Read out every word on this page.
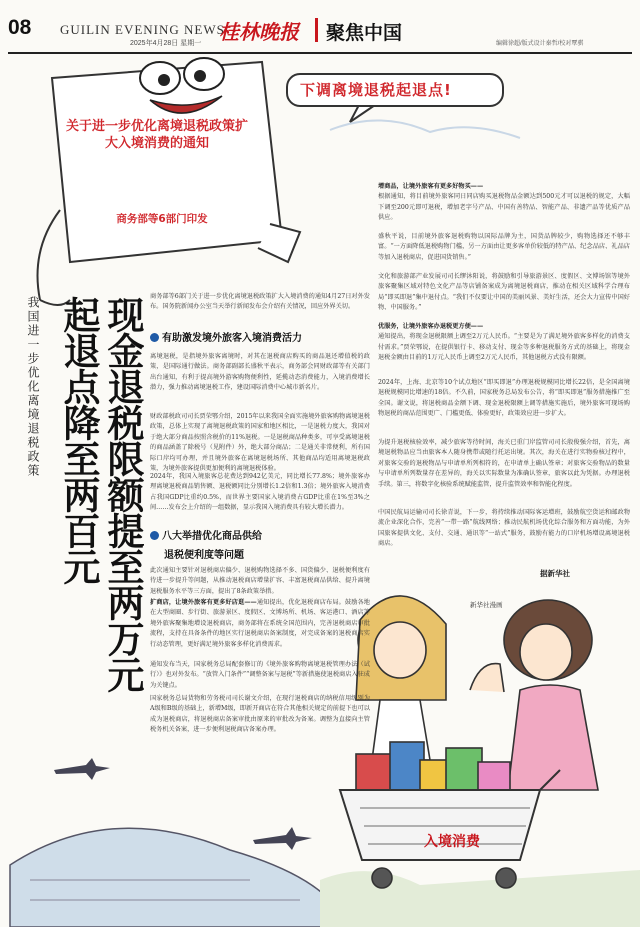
08 GUILIN EVENING NEWS
2025年4月28日 星期一 桂林晚报 聚焦中国	编辑徐超/版式设计秦哲/校对覃骐
关于进一步优化离境退税政策扩大入境消费的通知
商务部等6部门印发
下调离境退税起退点!
新华社漫画
入境消费
现金退税限额提至两万元
起退点降至两百元
我国进一步优化离境退税政策	商务部等6部门关于进一步优化离境退税政策扩大入境消费的通知4月27日对外发布。国务院新闻办公室当天举行新闻发布会介绍有关情况，回应外界关切。
有助激发境外旅客入境消费活力
离境退税，是指境外旅客离境时，对其在退税商店购买的商品退还增值税的政策，是国际通行做法。商务部副部长盛秋平表示，商务部会同财政部等有关部门出台通知，有利于提高境外游客购物便利性，延揽动态消费能力，入境消费增长潜力，强力推动离境退税工作，建设国际消费中心城市新名片。
财政部税政司司长贾荣鄂介绍，2015年以来我国全面实施境外旅客购物离境退税政策，总体上实现了离境退税政策的国家和地区相比，一是退税力度大，我国对于绝大部分商品按照含税价的11%退税。一是退税商品种类多，可享受离境退税的商品涵盖了除税号（见附件）外，绝大部分商品；二是通关非常便利，所有国际口岸均可办理，并且境外旅客在离境退税场所、其他商品均适用离境退税政策，为境外旅客提供更加便利的离境退税体验。
2024年，我国入境旅客总花费达到942亿美元，同比增长77.8%；境外旅客办理离境退税商品销售额、退税额同比分别增长1.2倍和1.3倍；境外旅客入境消费占我国GDP比重约0.5%，而世界主要国家入境消费占GDP比重在1%至3%之间……发布会上介绍的一组数据，显示我国入境消费具有较大增长潜力。
八大举措优化商品供给
退税便利度等问题
此次通知主要针对退税商店偏少、退税购物选择不多、国货偏少、退税便利度有待进一步提升等问题，从推动退税商店增量扩容、丰富退税商品供给、提升离境退税服务水平等三方面，提出了8条政策举措。
扩商店，让境外旅客有更多好店逛——通知提出，优化退税商店布局。鼓励各地在大型商圈、步行街、旅游景区、度假区、文博场所、机场、客运港口、酒店等境外旅客聚集地增设退税商店，商务部将在系统全国范围内，完善退税商店审批流程，支持在具备条件的地区实行退税商店备案制度，对完成备案的退税商店实行动态管理，更好满足境外旅客多样化消费需求。
通知发布当天，国家税务总局配套修订的《境外旅客购物离境退税管理办法（试行）》也对外发布。“放管入门条件”“调整备案与退税”等新措施使退税商店入驻成为关键点。
国家税务总局货物和劳务税司司长谢文介绍，在现行退税商店的纳税信用级别为A级和B级的基础上，新增M级，即新开商店在符合其他相关规定的前提下也可以成为退税商店，将退税商店备案审批由原来的审批改为备案。调整为直接向主管税务机关备案，进一步便利退税商店备案办理。
增商品，让境外旅客有更多好物买——
根据通知，将目前境外旅客同日同店购买退税物品金额达到500元才可以退税的规定，大幅下调至200元即可退税，增加老字号产品、中国有善特品、智能产品、非遗产品等优质产品供应。
盛秋平说，目前境外旅客退税购物以国际品牌为主，国货品牌较少，购物选择还不够丰富。“一方面降低退税购物门槛，另一方面由让更多客单价较低的特产品、纪念品店、礼品店等加入退税商店，促进国货销售。”
文化和旅游部产业发展司司长缪沐阳说，将鼓励和引导旅游景区、度假区、文博场馆等境外旅客聚集区域对特色文化产品等店铺备案成为离境退税商店，推动在相关区域科学合理布局“即买即退”集中退付点。“我们不仅要让中国的美丽风景、美好生活，还会大力宣传中国好物、中国服务。”
优服务，让境外旅客办退税更方便——
通知提出，将现金退税限额上调至2万元人民币。“主要是为了满足境外旅客多样化的消费支付需求。”贾荣鄂说，在提供银行卡、移动支付、现金等多种退税服务方式的基础上，将现金退税金额由目前的1万元人民币上调至2万元人民币，其他退税方式没有限额。
2024年，上海、北京等10个试点地区“即买即退”办理退税规模同比增长22倍，是全国离境退税规模同比增速的18倍。不久前，国家税务总局发布公告，将“即买即退”服务措施推广至全国。谢文说，将退税商品金额下调、现金退税限额上调等措施实施后，境外旅客可现场购物退税的商品范围更广、门槛更低、体验更好，政策效应进一步扩大。
为提升退税核验效率，减少旅客等待时间，海关已重门岸监管司司长殷俊强介绍，首先，离境退税物品应当由旅客本人随身携带或随行托运出境。其次，海关在进行实物验核过程中，对旅客交验的退税物品与申请单所列相符的，在申请单上确认签章；对旅客交验物品的数量与申请单所列数量存在差异的，海关以实际数量为准确认签章，旅客以此为凭据。办理退税手续。第三，将数字化核验系统赋能监管，提升监管效率和智能化程度。
中国民航局运输司司长徐青说，下一步，将持续推动国际客运增班，鼓励航空货运和邮政物流企业深化合作，完善“一带一路”航线网络；推动民航机场优化综合服务和方面功能，为外国旅客提供文化、支付、交通、通讯等“一站式”服务，鼓励有能力的口岸机场增设离境退税商店。
据新华社
